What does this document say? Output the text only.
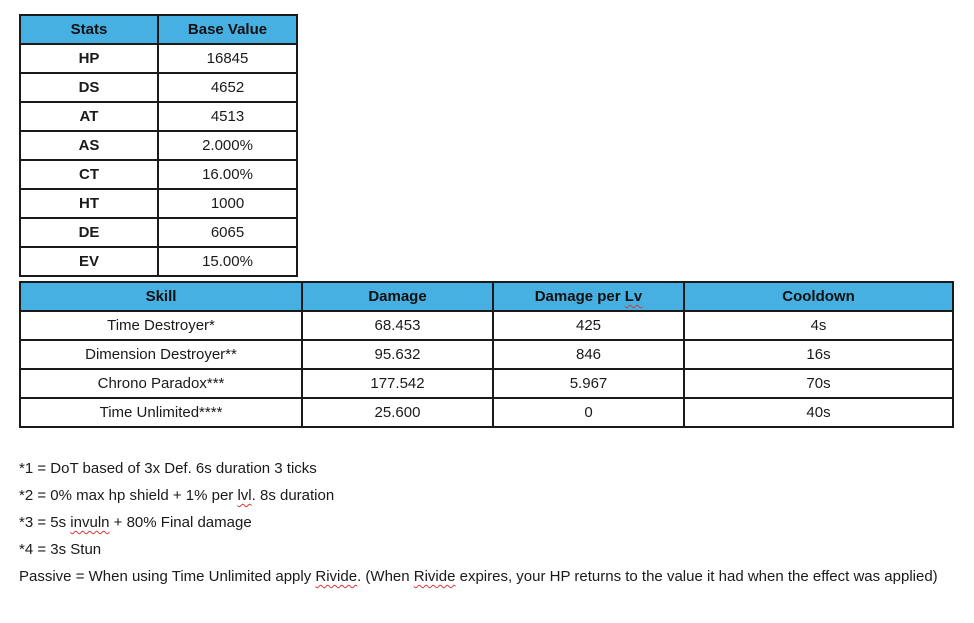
Stats	Base Value
HP	16845
DS	4652
AT	4513
AS	2.000%
CT	16.00%
HT	1000
DE	6065
EV	15.00%
Skill	Damage	Damage per Lv	Cooldown
Time Destroyer*	68.453	425	4s
Dimension Destroyer**	95.632	846	16s
Chrono Paradox***	177.542	5.967	70s
Time Unlimited****	25.600	0	40s

*1 = DoT based of 3x Def. 6s duration 3 ticks

*2 = 0% max hp shield + 1% per lvl. 8s duration

*3 = 5s invuln + 80% Final damage

*4 = 3s Stun

Passive = When using Time Unlimited apply Rivide. (When Rivide expires, your HP returns to the value it had when the effect was applied)
